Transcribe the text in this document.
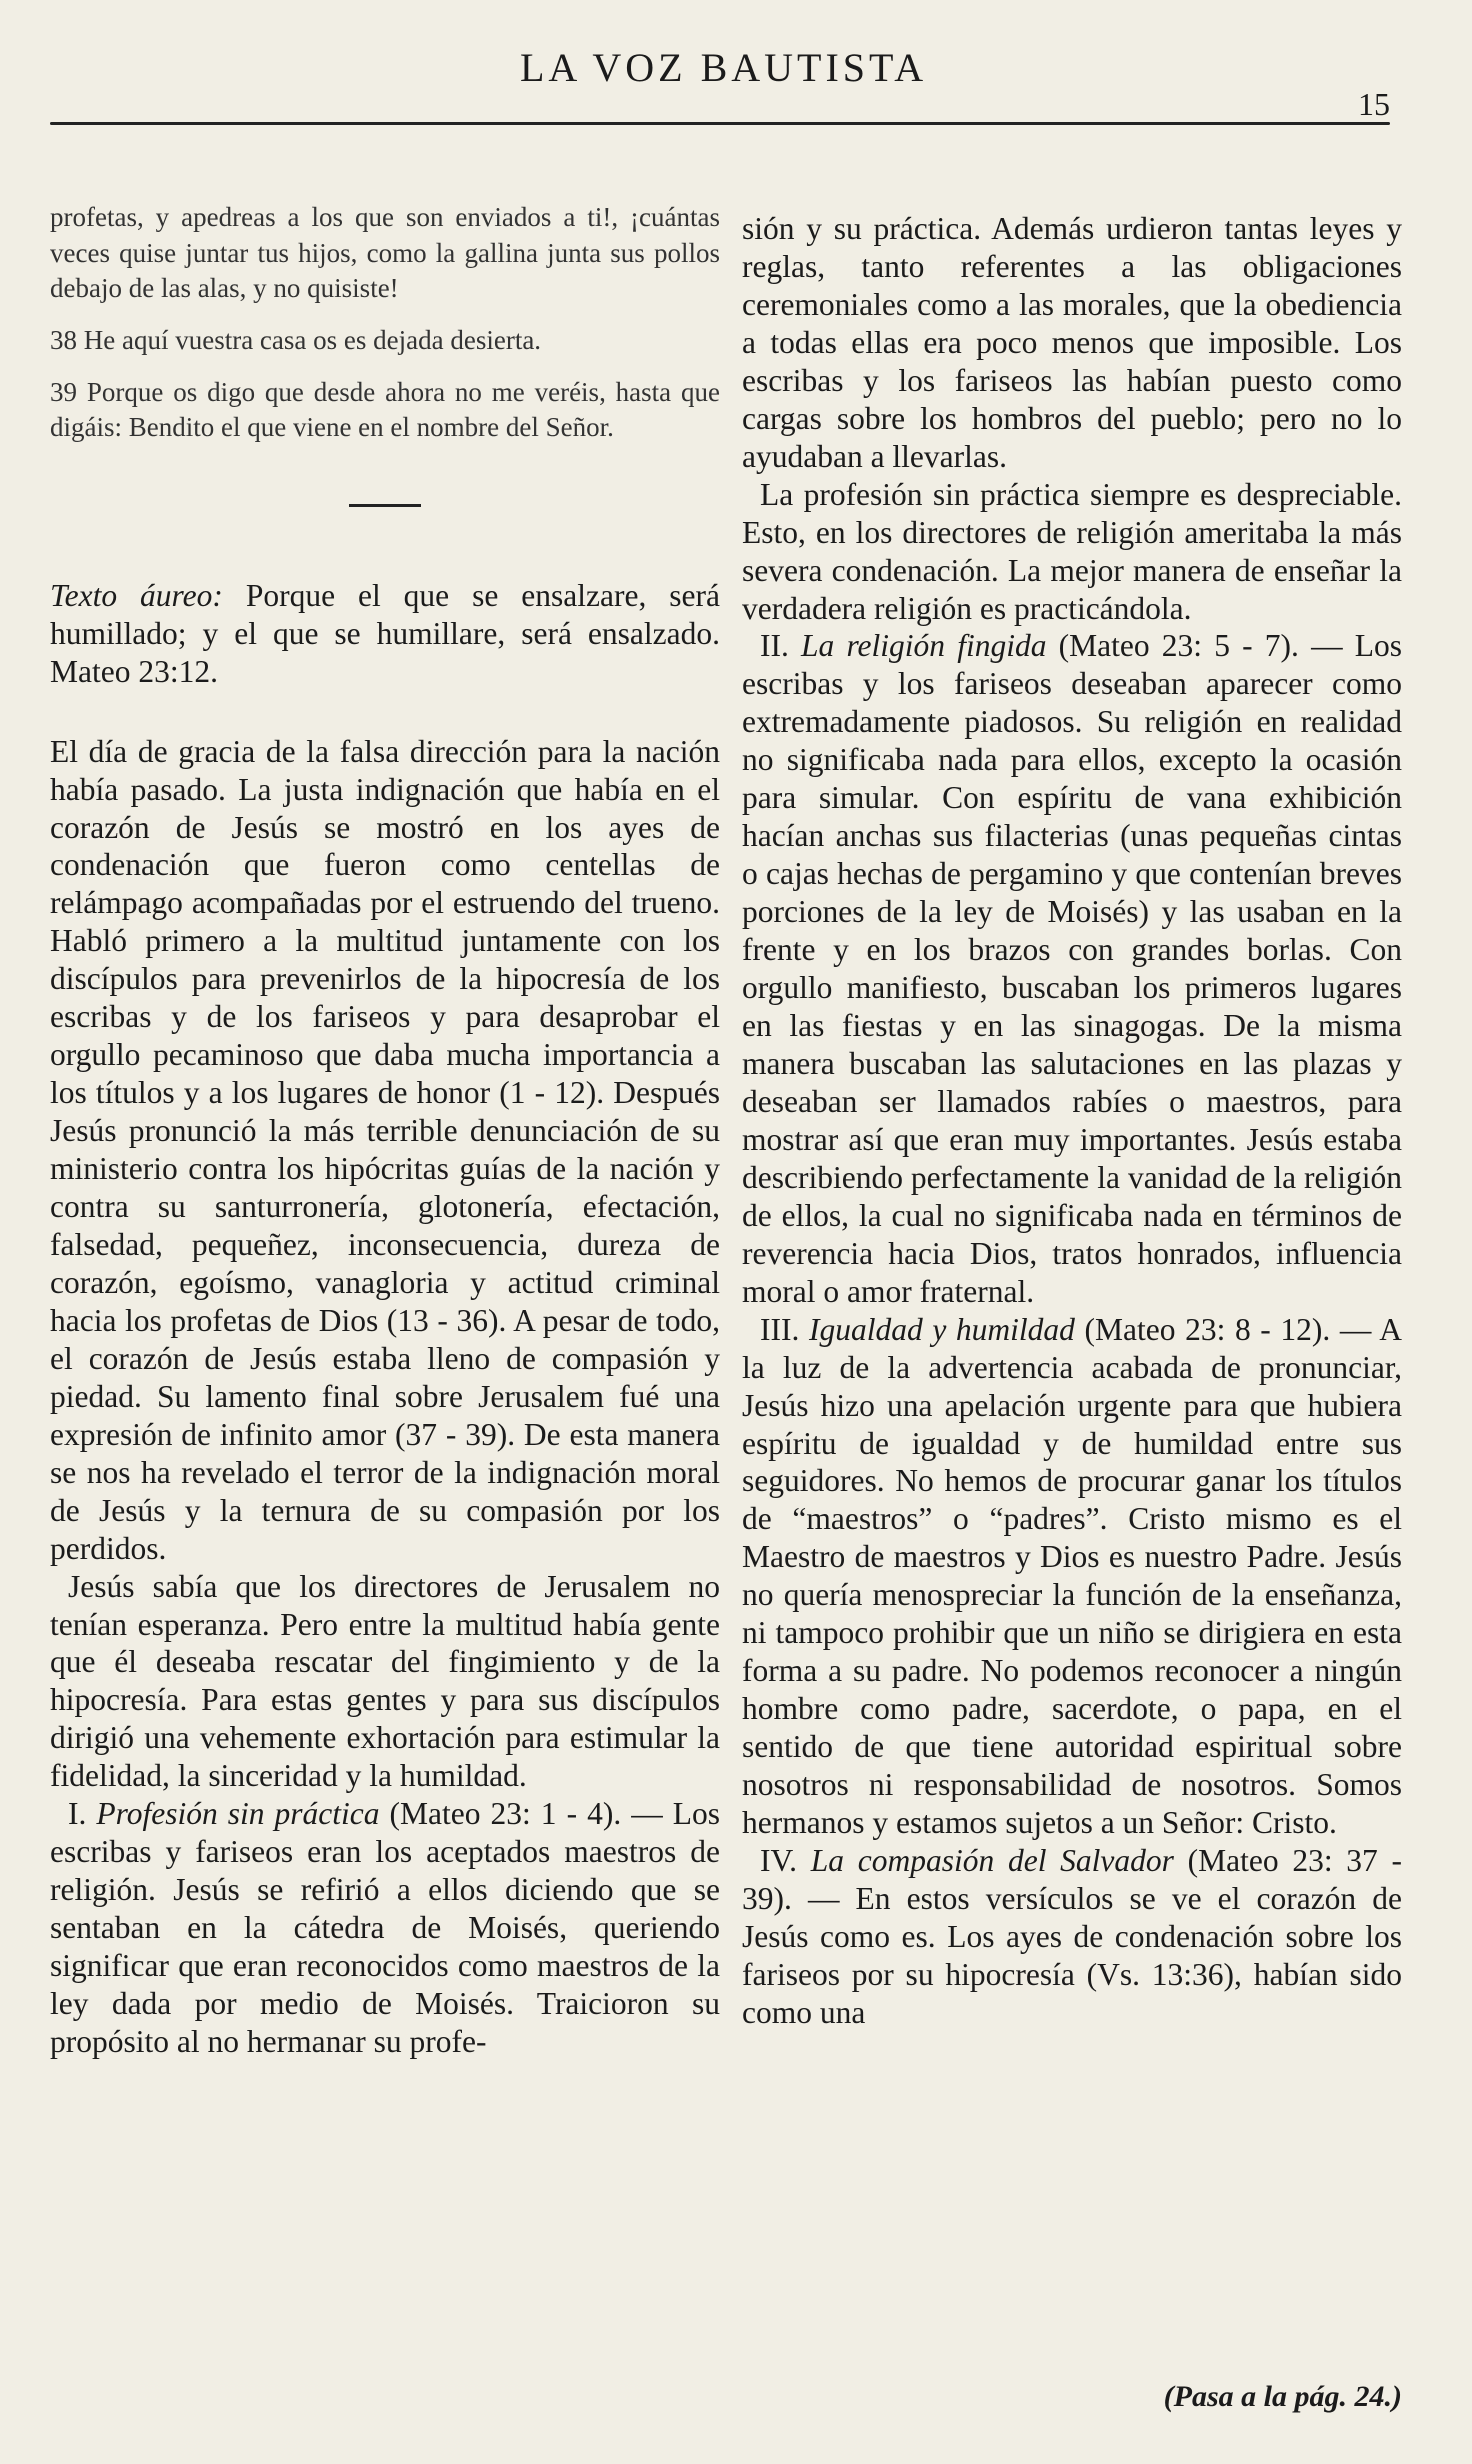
LA VOZ BAUTISTA
15

profetas, y apedreas a los que son enviados a ti!, ¡cuántas veces quise juntar tus hijos, como la gallina junta sus pollos debajo de las alas, y no quisiste!

38 He aquí vuestra casa os es dejada desierta.

39 Porque os digo que desde ahora no me veréis, hasta que digáis: Bendito el que viene en el nombre del Señor.

Texto áureo: Porque el que se ensalzare, será humillado; y el que se humillare, será ensalzado. Mateo 23:12.

El día de gracia de la falsa dirección para la nación había pasado. La justa indignación que había en el corazón de Jesús se mostró en los ayes de condenación que fueron como centellas de relámpago acompañadas por el estruendo del trueno. Habló primero a la multitud juntamente con los discípulos para prevenirlos de la hipocresía de los escribas y de los fariseos y para desaprobar el orgullo pecaminoso que daba mucha importancia a los títulos y a los lugares de honor (1 - 12). Después Jesús pronunció la más terrible denunciación de su ministerio contra los hipócritas guías de la nación y contra su santurronería, glotonería, efectación, falsedad, pequeñez, inconsecuencia, dureza de corazón, egoísmo, vanagloria y actitud criminal hacia los profetas de Dios (13 - 36). A pesar de todo, el corazón de Jesús estaba lleno de compasión y piedad. Su lamento final sobre Jerusalem fué una expresión de infinito amor (37 - 39). De esta manera se nos ha revelado el terror de la indignación moral de Jesús y la ternura de su compasión por los perdidos.

Jesús sabía que los directores de Jerusalem no tenían esperanza. Pero entre la multitud había gente que él deseaba rescatar del fingimiento y de la hipocresía. Para estas gentes y para sus discípulos dirigió una vehemente exhortación para estimular la fidelidad, la sinceridad y la humildad.

I. Profesión sin práctica (Mateo 23: 1 - 4). — Los escribas y fariseos eran los aceptados maestros de religión. Jesús se refirió a ellos diciendo que se sentaban en la cátedra de Moisés, queriendo significar que eran reconocidos como maestros de la ley dada por medio de Moisés. Traicioron su propósito al no hermanar su profe-

sión y su práctica. Además urdieron tantas leyes y reglas, tanto referentes a las obligaciones ceremoniales como a las morales, que la obediencia a todas ellas era poco menos que imposible. Los escribas y los fariseos las habían puesto como cargas sobre los hombros del pueblo; pero no lo ayudaban a llevarlas.

La profesión sin práctica siempre es despreciable. Esto, en los directores de religión ameritaba la más severa condenación. La mejor manera de enseñar la verdadera religión es practicándola.

II. La religión fingida (Mateo 23: 5 - 7). — Los escribas y los fariseos deseaban aparecer como extremadamente piadosos. Su religión en realidad no significaba nada para ellos, excepto la ocasión para simular. Con espíritu de vana exhibición hacían anchas sus filacterias (unas pequeñas cintas o cajas hechas de pergamino y que contenían breves porciones de la ley de Moisés) y las usaban en la frente y en los brazos con grandes borlas. Con orgullo manifiesto, buscaban los primeros lugares en las fiestas y en las sinagogas. De la misma manera buscaban las salutaciones en las plazas y deseaban ser llamados rabíes o maestros, para mostrar así que eran muy importantes. Jesús estaba describiendo perfectamente la vanidad de la religión de ellos, la cual no significaba nada en términos de reverencia hacia Dios, tratos honrados, influencia moral o amor fraternal.

III. Igualdad y humildad (Mateo 23: 8 - 12). — A la luz de la advertencia acabada de pronunciar, Jesús hizo una apelación urgente para que hubiera espíritu de igualdad y de humildad entre sus seguidores. No hemos de procurar ganar los títulos de “maestros” o “padres”. Cristo mismo es el Maestro de maestros y Dios es nuestro Padre. Jesús no quería menospreciar la función de la enseñanza, ni tampoco prohibir que un niño se dirigiera en esta forma a su padre. No podemos reconocer a ningún hombre como padre, sacerdote, o papa, en el sentido de que tiene autoridad espiritual sobre nosotros ni responsabilidad de nosotros. Somos hermanos y estamos sujetos a un Señor: Cristo.

IV. La compasión del Salvador (Mateo 23: 37 - 39). — En estos versículos se ve el corazón de Jesús como es. Los ayes de condenación sobre los fariseos por su hipocresía (Vs. 13:36), habían sido como una

(Pasa a la pág. 24.)
